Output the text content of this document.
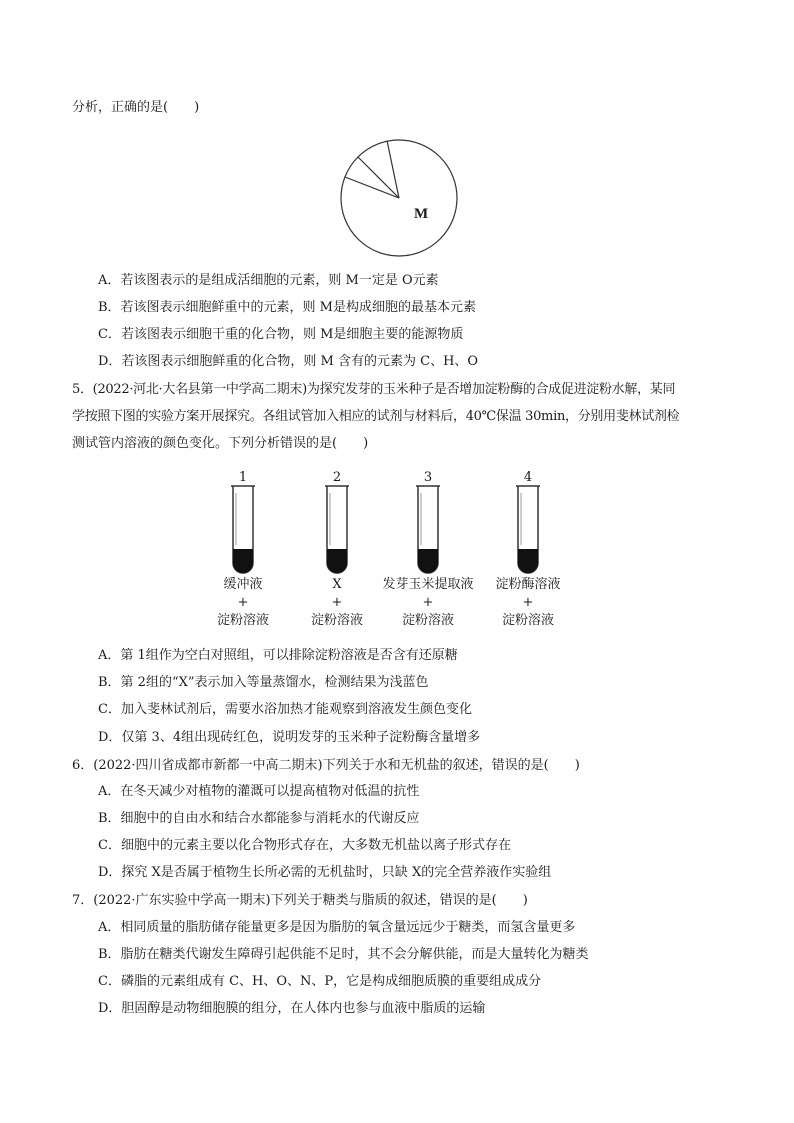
分析，正确的是(　　)
M
A．若该图表示的是组成活细胞的元素，则 M一定是 O元素
B．若该图表示细胞鲜重中的元素，则 M是构成细胞的最基本元素
C．若该图表示细胞干重的化合物，则 M是细胞主要的能源物质
D．若该图表示细胞鲜重的化合物，则 M 含有的元素为 C、H、O
5．(2022·河北·大名县第一中学高二期末)为探究发芽的玉米种子是否增加淀粉酶的合成促进淀粉水解，某同
学按照下图的实验方案开展探究。各组试管加入相应的试剂与材料后，40℃保温 30min，分别用斐林试剂检
测试管内溶液的颜色变化。下列分析错误的是(　　)
1
缓冲液
+
淀粉溶液
2
X
+
淀粉溶液
3
发芽玉米提取液
+
淀粉溶液
4
淀粉酶溶液
+
淀粉溶液
A．第 1组作为空白对照组，可以排除淀粉溶液是否含有还原糖
B．第 2组的“X”表示加入等量蒸馏水，检测结果为浅蓝色
C．加入斐林试剂后，需要水浴加热才能观察到溶液发生颜色变化
D．仅第 3、4组出现砖红色，说明发芽的玉米种子淀粉酶含量增多
6．(2022·四川省成都市新都一中高二期末)下列关于水和无机盐的叙述，错误的是(　　)
A．在冬天减少对植物的灌溉可以提高植物对低温的抗性
B．细胞中的自由水和结合水都能参与消耗水的代谢反应
C．细胞中的元素主要以化合物形式存在，大多数无机盐以离子形式存在
D．探究 X是否属于植物生长所必需的无机盐时，只缺 X的完全营养液作实验组
7．(2022·广东实验中学高一期末)下列关于糖类与脂质的叙述，错误的是(　　)
A．相同质量的脂肪储存能量更多是因为脂肪的氧含量远远少于糖类，而氢含量更多
B．脂肪在糖类代谢发生障碍引起供能不足时，其不会分解供能，而是大量转化为糖类
C．磷脂的元素组成有 C、H、O、N、P，它是构成细胞质膜的重要组成成分
D．胆固醇是动物细胞膜的组分，在人体内也参与血液中脂质的运输
